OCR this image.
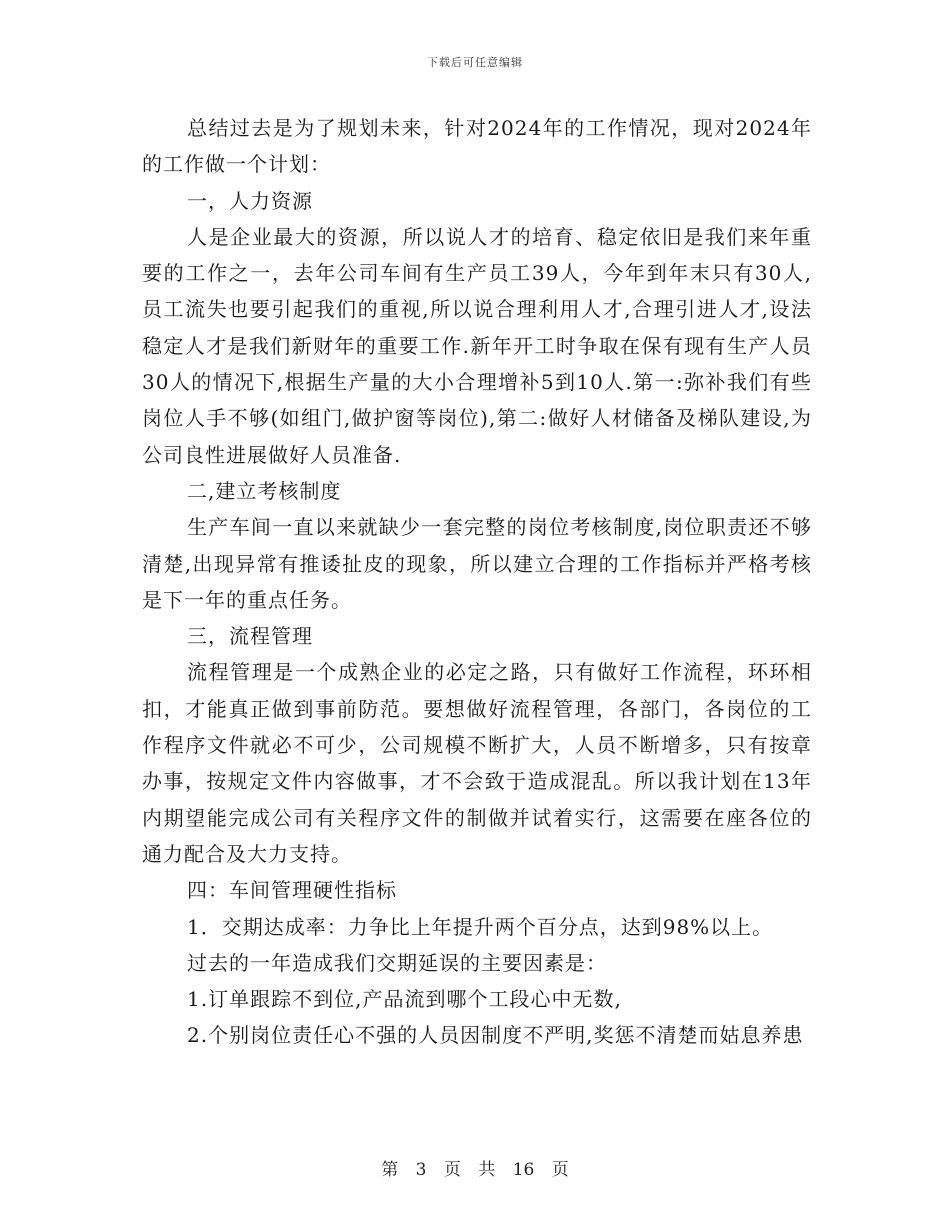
下载后可任意编辑

总结过去是为了规划未来，针对2024年的工作情况，现对2024年的工作做一个计划：

一，人力资源

人是企业最大的资源，所以说人才的培育、稳定依旧是我们来年重要的工作之一，去年公司车间有生产员工39人，今年到年末只有30人,员工流失也要引起我们的重视,所以说合理利用人才,合理引进人才,设法稳定人才是我们新财年的重要工作.新年开工时争取在保有现有生产人员30人的情况下,根据生产量的大小合理增补5到10人.第一:弥补我们有些岗位人手不够(如组门,做护窗等岗位),第二:做好人材储备及梯队建设,为公司良性进展做好人员准备.

二,建立考核制度

生产车间一直以来就缺少一套完整的岗位考核制度,岗位职责还不够清楚,出现异常有推诿扯皮的现象，所以建立合理的工作指标并严格考核是下一年的重点任务。

三，流程管理

流程管理是一个成熟企业的必定之路，只有做好工作流程，环环相扣，才能真正做到事前防范。要想做好流程管理，各部门，各岗位的工作程序文件就必不可少，公司规模不断扩大，人员不断增多，只有按章办事，按规定文件内容做事，才不会致于造成混乱。所以我计划在13年内期望能完成公司有关程序文件的制做并试着实行，这需要在座各位的通力配合及大力支持。

四：车间管理硬性指标

1．交期达成率：力争比上年提升两个百分点，达到98%以上。

过去的一年造成我们交期延误的主要因素是：

1.订单跟踪不到位,产品流到哪个工段心中无数,

2.个别岗位责任心不强的人员因制度不严明,奖惩不清楚而姑息养患

第 3 页 共 16 页
